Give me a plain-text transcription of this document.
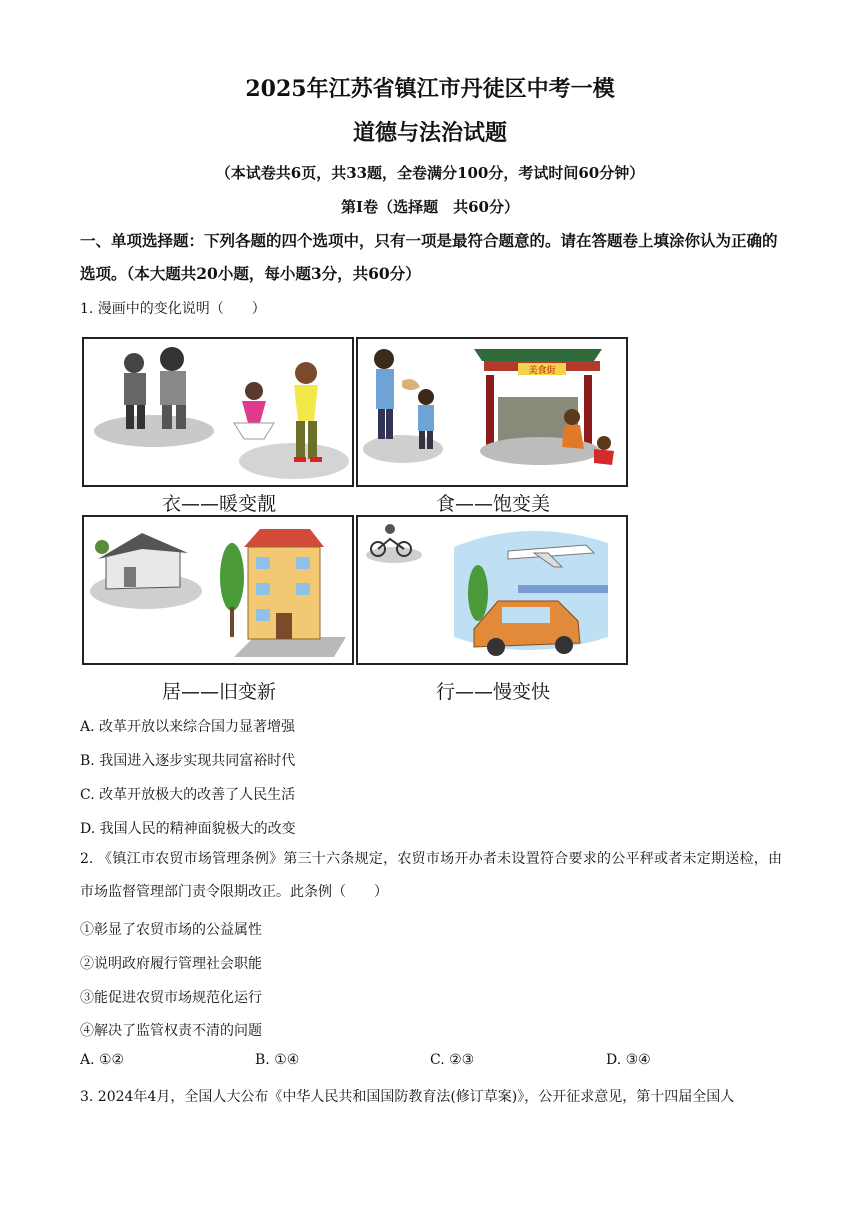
2025年江苏省镇江市丹徒区中考一模
道德与法治试题
（本试卷共6页，共33题，全卷满分100分，考试时间60分钟）
第Ⅰ卷（选择题　共60分）
一、单项选择题：下列各题的四个选项中，只有一项是最符合题意的。请在答题卷上填涂你认为正确的选项。（本大题共20小题，每小题3分，共60分）
1. 漫画中的变化说明（　　）
衣——暖变靓
美食街
食——饱变美
居——旧变新	行——慢变快
A. 改革开放以来综合国力显著增强
B. 我国进入逐步实现共同富裕时代
C. 改革开放极大的改善了人民生活
D. 我国人民的精神面貌极大的改变
2. 《镇江市农贸市场管理条例》第三十六条规定，农贸市场开办者未设置符合要求的公平秤或者未定期送检，由市场监督管理部门责令限期改正。此条例（　　）
①彰显了农贸市场的公益属性
②说明政府履行管理社会职能
③能促进农贸市场规范化运行
④解决了监管权责不清的问题
A. ①②	B. ①④	C. ②③	D. ③④
3. 2024年4月，全国人大公布《中华人民共和国国防教育法(修订草案)》，公开征求意见，第十四届全国人
